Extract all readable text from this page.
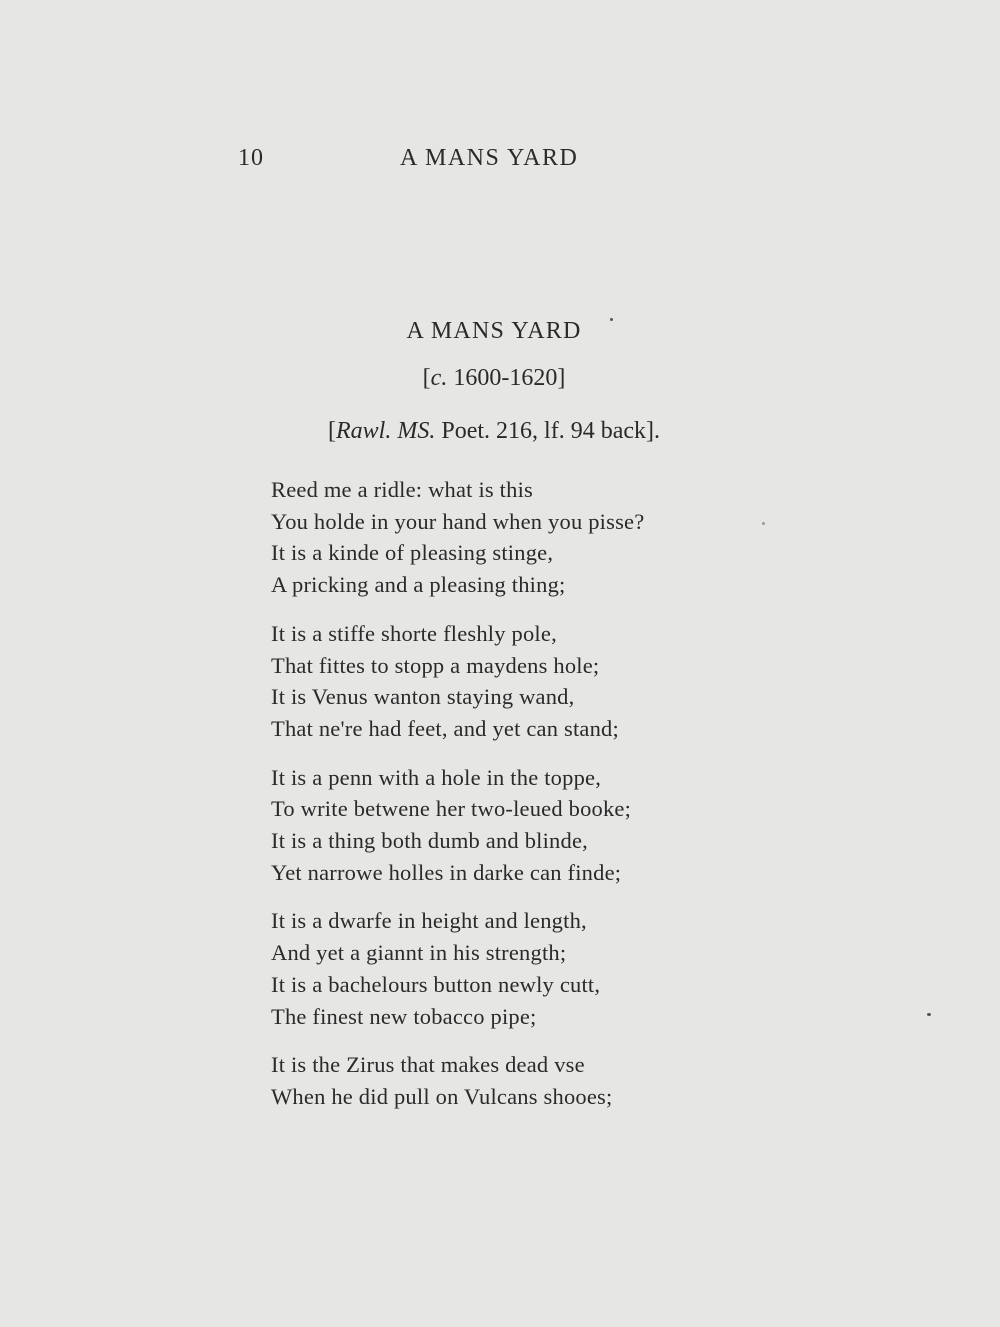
10	A MANS YARD
A MANS YARD
[c. 1600-1620]
[Rawl. MS. Poet. 216, lf. 94 back].
Reed me a ridle: what is this
You holde in your hand when you pisse?
It is a kinde of pleasing stinge,
A pricking and a pleasing thing;
It is a stiffe shorte fleshly pole,
That fittes to stopp a maydens hole;
It is Venus wanton staying wand,
That ne're had feet, and yet can stand;
It is a penn with a hole in the toppe,
To write betwene her two-leued booke;
It is a thing both dumb and blinde,
Yet narrowe holles in darke can finde;
It is a dwarfe in height and length,
And yet a giannt in his strength;
It is a bachelours button newly cutt,
The finest new tobacco pipe;
It is the Zirus that makes dead vse
When he did pull on Vulcans shooes;
